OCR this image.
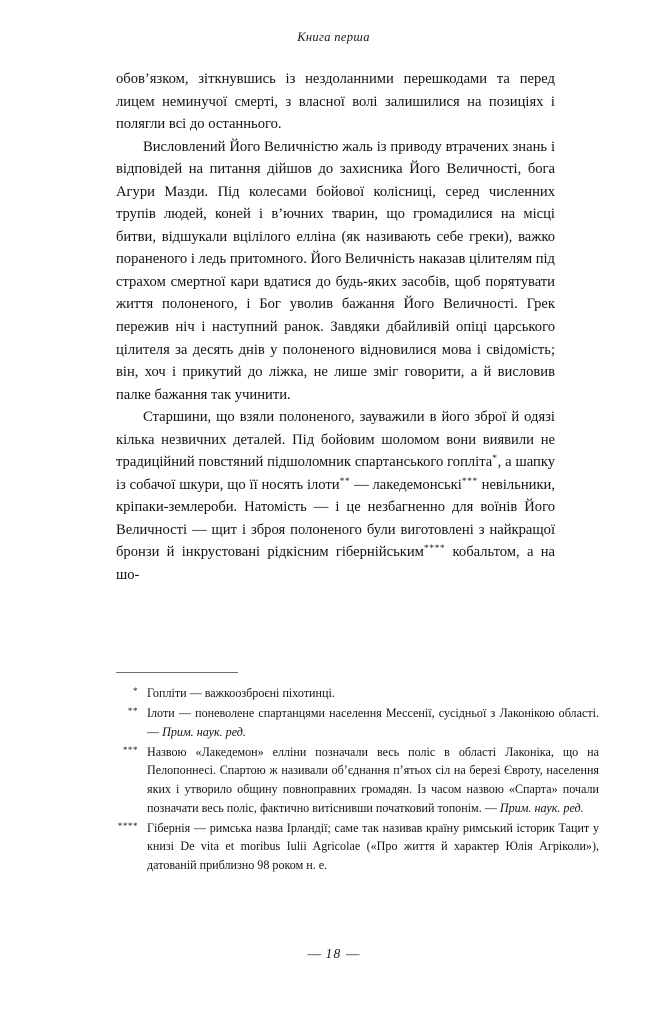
Книга перша

обов’язком, зіткнувшись із нездоланними перешкодами та перед лицем неминучої смерті, з власної волі залишилися на позиціях і полягли всі до останнього.

Висловлений Його Величністю жаль із приводу втрачених знань і відповідей на питання дійшов до захисника Його Величності, бога Агури Мазди. Під колесами бойової колісниці, серед численних трупів людей, коней і в’ючних тварин, що громадилися на місці битви, відшукали вцілілого елліна (як називають себе греки), важко пораненого і ледь притомного. Його Величність наказав цілителям під страхом смертної кари вдатися до будь-яких засобів, щоб порятувати життя полоненого, і Бог уволив бажання Його Величності. Грек пережив ніч і наступний ранок. Завдяки дбайливій опіці царського цілителя за десять днів у полоненого відновилися мова і свідомість; він, хоч і прикутий до ліжка, не лише зміг говорити, а й висловив палке бажання так учинити.

Старшини, що взяли полоненого, зауважили в його зброї й одязі кілька незвичних деталей. Під бойовим шоломом вони виявили не традиційний повстяний підшоломник спартанського гопліта*, а шапку із собачої шкури, що її носять ілоти** — лакедемонські*** невільники, кріпаки-землероби. Натомість — і це незбагненно для воїнів Його Величності — щит і зброя полоненого були виготовлені з найкращої бронзи й інкрустовані рідкісним гібернійським**** кобальтом, а на шо-

* Гопліти — важкоозброєні піхотинці.
** Ілоти — поневолене спартанцями населення Мессенії, сусідньої з Лаконікою області. — Прим. наук. ред.
*** Назвою «Лакедемон» елліни позначали весь поліс в області Лаконіка, що на Пелопоннесі. Спартою ж називали об’єднання п’ятьох сіл на березі Євроту, населення яких і утворило общину повноправних громадян. Із часом назвою «Спарта» почали позначати весь поліс, фактично витіснивши початковий топонім. — Прим. наук. ред.
**** Гібернія — римська назва Ірландії; саме так називав країну римський історик Тацит у книзі De vita et moribus Iulii Agricolae («Про життя й характер Юлія Агріколи»), датованій приблизно 98 роком н. е.
— 18 —
